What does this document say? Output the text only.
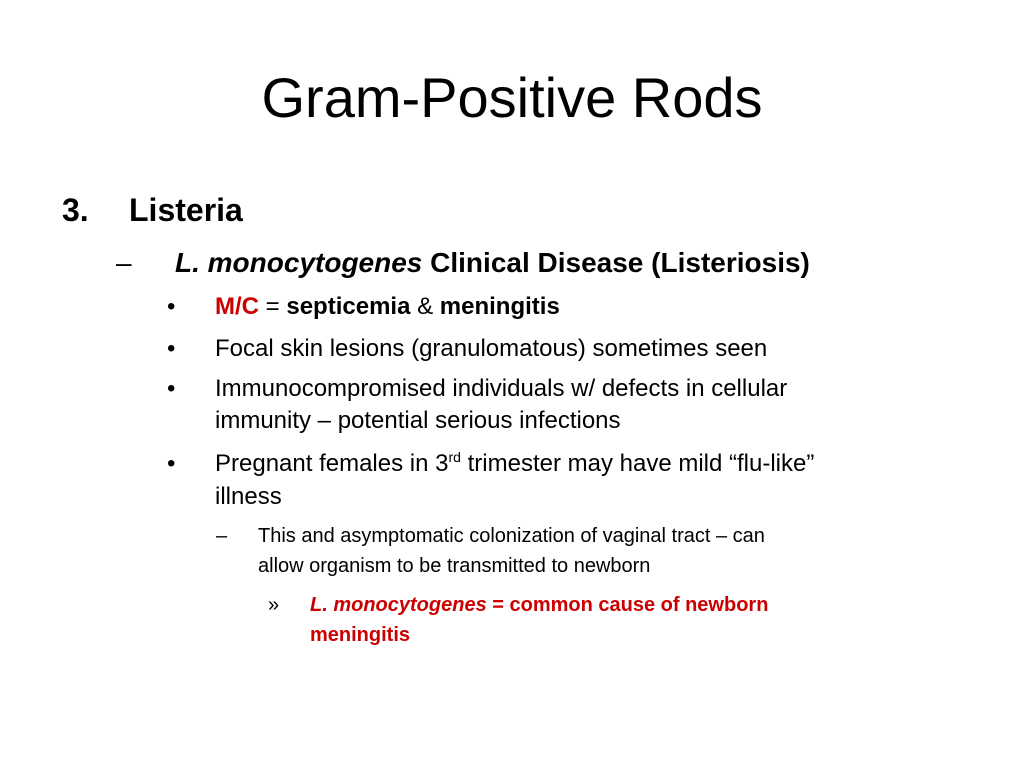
Gram-Positive Rods
3. Listeria
– L. monocytogenes Clinical Disease (Listeriosis)
• M/C = septicemia & meningitis
• Focal skin lesions (granulomatous) sometimes seen
• Immunocompromised individuals w/ defects in cellular
immunity – potential serious infections
• Pregnant females in 3rd trimester may have mild “flu-like”
illness
– This and asymptomatic colonization of vaginal tract – can
allow organism to be transmitted to newborn
» L. monocytogenes = common cause of newborn
meningitis
